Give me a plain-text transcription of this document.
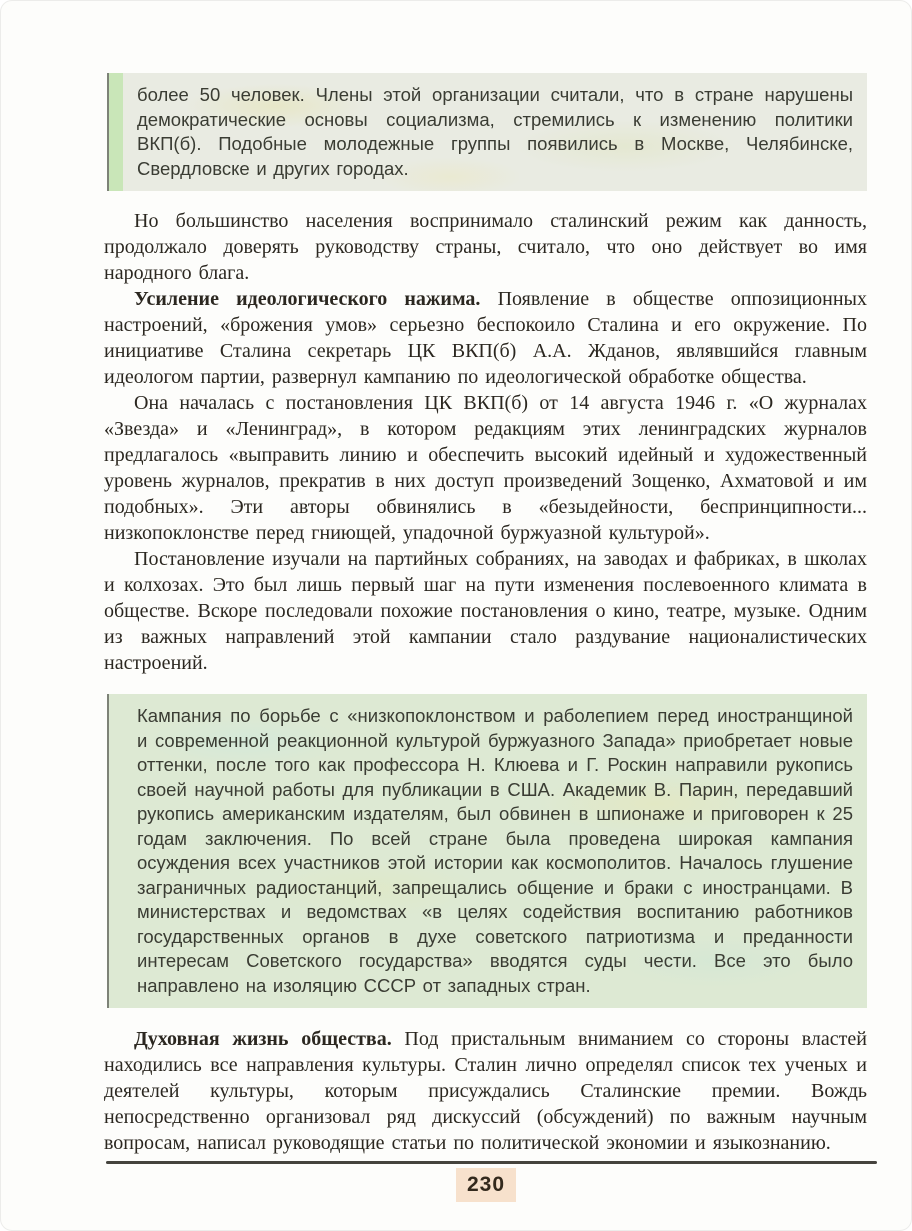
более 50 человек. Члены этой организации считали, что в стране нарушены демократические основы социализма, стремились к изменению политики ВКП(б). Подобные молодежные группы появились в Москве, Челябинске, Свердловске и других городах.

Но большинство населения воспринимало сталинский режим как данность, продолжало доверять руководству страны, считало, что оно действует во имя народного блага.

Усиление идеологического нажима. Появление в обществе оппозиционных настроений, «брожения умов» серьезно беспокоило Сталина и его окружение. По инициативе Сталина секретарь ЦК ВКП(б) А.А. Жданов, являвшийся главным идеологом партии, развернул кампанию по идеологической обработке общества.

Она началась с постановления ЦК ВКП(б) от 14 августа 1946 г. «О журналах «Звезда» и «Ленинград», в котором редакциям этих ленинградских журналов предлагалось «выправить линию и обеспечить высокий идейный и художественный уровень журналов, прекратив в них доступ произведений Зощенко, Ахматовой и им подобных». Эти авторы обвинялись в «безыдейности, беспринципности... низкопоклонстве перед гниющей, упадочной буржуазной культурой».

Постановление изучали на партийных собраниях, на заводах и фабриках, в школах и колхозах. Это был лишь первый шаг на пути изменения послевоенного климата в обществе. Вскоре последовали похожие постановления о кино, театре, музыке. Одним из важных направлений этой кампании стало раздувание националистических настроений.

Кампания по борьбе с «низкопоклонством и раболепием перед иностранщиной и современной реакционной культурой буржуазного Запада» приобретает новые оттенки, после того как профессора Н. Клюева и Г. Роскин направили рукопись своей научной работы для публикации в США. Академик В. Парин, передавший рукопись американским издателям, был обвинен в шпионаже и приговорен к 25 годам заключения. По всей стране была проведена широкая кампания осуждения всех участников этой истории как космополитов. Началось глушение заграничных радиостанций, запрещались общение и браки с иностранцами. В министерствах и ведомствах «в целях содействия воспитанию работников государственных органов в духе советского патриотизма и преданности интересам Советского государства» вводятся суды чести. Все это было направлено на изоляцию СССР от западных стран.

Духовная жизнь общества. Под пристальным вниманием со стороны властей находились все направления культуры. Сталин лично определял список тех ученых и деятелей культуры, которым присуждались Сталинские премии. Вождь непосредственно организовал ряд дискуссий (обсуждений) по важным научным вопросам, написал руководящие статьи по политической экономии и языкознанию.

230
